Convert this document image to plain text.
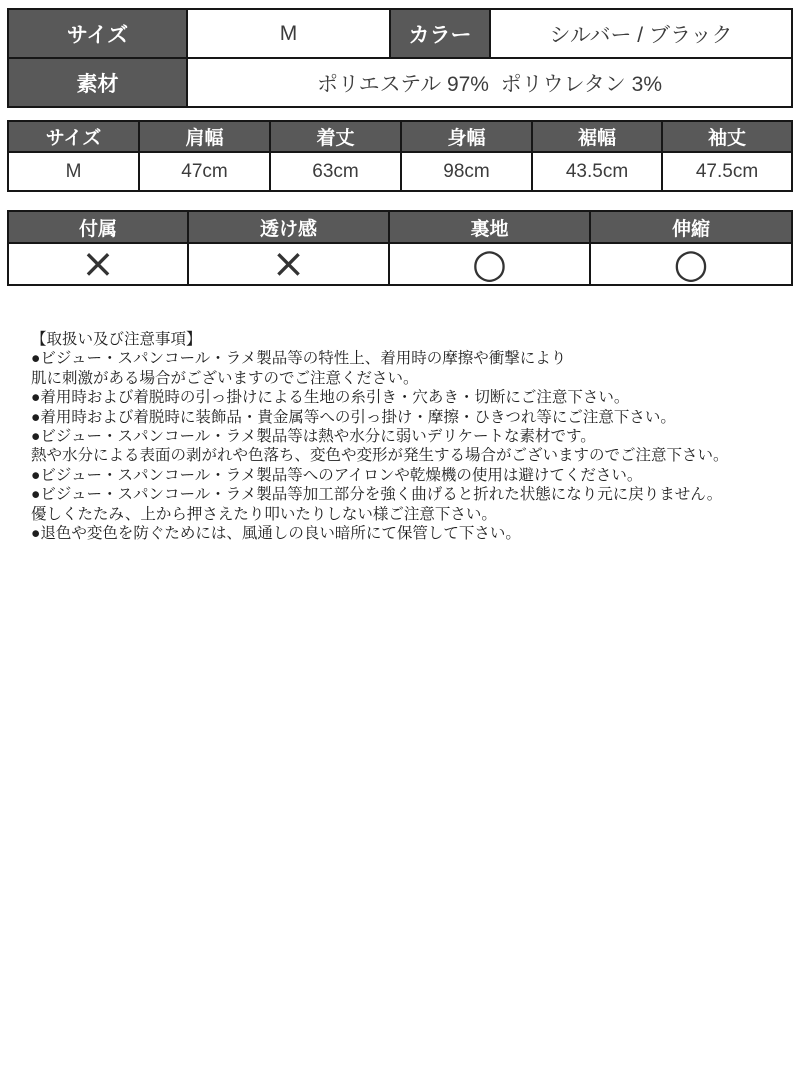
サイズ	M	カラー	シルバー / ブラック
素材	ポリエステル 97%  ポリウレタン 3%		
サイズ	肩幅	着丈	身幅	裾幅	袖丈
M	47cm	63cm	98cm	43.5cm	47.5cm
付属	透け感	裏地	伸縮
×	×	○	○
【取扱い及び注意事項】
●ビジュー・スパンコール・ラメ製品等の特性上、着用時の摩擦や衝撃により
肌に刺激がある場合がございますのでご注意ください。
●着用時および着脱時の引っ掛けによる生地の糸引き・穴あき・切断にご注意下さい。
●着用時および着脱時に装飾品・貴金属等への引っ掛け・摩擦・ひきつれ等にご注意下さい。
●ビジュー・スパンコール・ラメ製品等は熱や水分に弱いデリケートな素材です。
熱や水分による表面の剥がれや色落ち、変色や変形が発生する場合がございますのでご注意下さい。
●ビジュー・スパンコール・ラメ製品等へのアイロンや乾燥機の使用は避けてください。
●ビジュー・スパンコール・ラメ製品等加工部分を強く曲げると折れた状態になり元に戻りません。
優しくたたみ、上から押さえたり叩いたりしない様ご注意下さい。
●退色や変色を防ぐためには、風通しの良い暗所にて保管して下さい。
